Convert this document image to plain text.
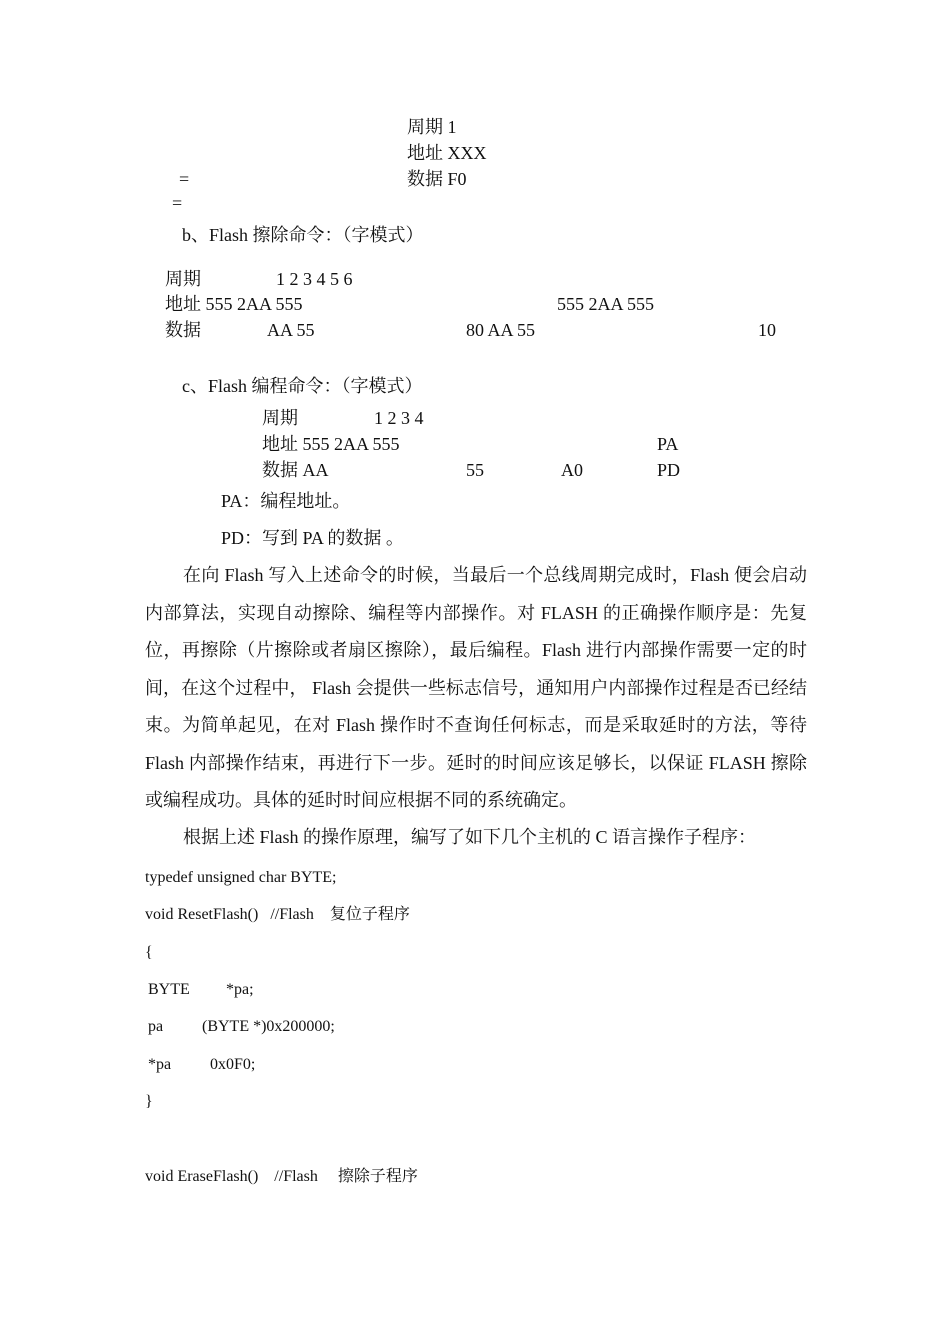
周期 1
地址 XXX
数据 F0
=
=
b、Flash 擦除命令：（字模式）
周期	1 2 3 4 5 6
地址 555 2AA 555	555 2AA 555
数据	AA 55	80 AA 55	10
c、Flash 编程命令：（字模式）
周期	1 2 3 4
地址 555 2AA 555	PA
数据 AA	55	A0	PD
PA：编程地址。
PD：写到 PA 的数据 。
在向 Flash 写入上述命令的时候，当最后一个总线周期完成时，Flash 便会启动内部算法，实现自动擦除、编程等内部操作。对 FLASH 的正确操作顺序是：先复位，再擦除（片擦除或者扇区擦除），最后编程。Flash 进行内部操作需要一定的时间，在这个过程中， Flash 会提供一些标志信号，通知用户内部操作过程是否已经结束。为简单起见，在对 Flash 操作时不查询任何标志，而是采取延时的方法，等待 Flash 内部操作结束，再进行下一步。延时的时间应该足够长，以保证 FLASH 擦除或编程成功。具体的延时时间应根据不同的系统确定。
根据上述 Flash 的操作原理，编写了如下几个主机的 C 语言操作子程序：
typedef unsigned char BYTE;
void ResetFlash()   //Flash    复位子程序
{
BYTE *pa;
pa (BYTE *)0x200000;
*pa 0x0F0;
}
void EraseFlash()    //Flash     擦除子程序
